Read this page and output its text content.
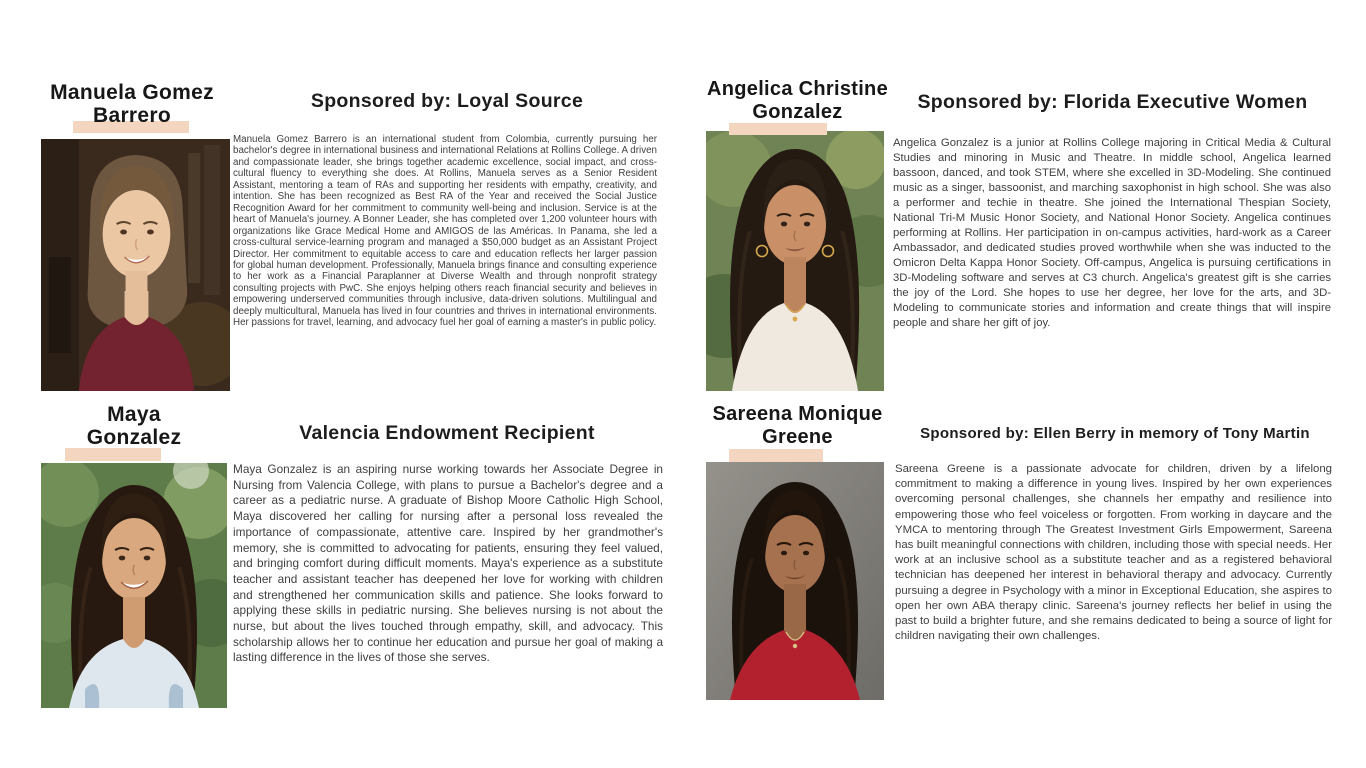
Manuela Gomez
Barrero
Sponsored by: Loyal Source
Manuela Gomez Barrero is an international student from Colombia, currently pursuing her bachelor's degree in international business and international Relations at Rollins College. A driven and compassionate leader, she brings together academic excellence, social impact, and cross-cultural fluency to everything she does. At Rollins, Manuela serves as a Senior Resident Assistant, mentoring a team of RAs and supporting her residents with empathy, creativity, and intention. She has been recognized as Best RA of the Year and received the Social Justice Recognition Award for her commitment to community well-being and inclusion. Service is at the heart of Manuela's journey. A Bonner Leader, she has completed over 1,200 volunteer hours with organizations like Grace Medical Home and AMIGOS de las Américas. In Panama, she led a cross-cultural service-learning program and managed a $50,000 budget as an Assistant Project Director. Her commitment to equitable access to care and education reflects her larger passion for global human development. Professionally, Manuela brings finance and consulting experience to her work as a Financial Paraplanner at Diverse Wealth and through nonprofit strategy consulting projects with PwC. She enjoys helping others reach financial security and believes in empowering underserved communities through inclusive, data-driven solutions. Multilingual and deeply multicultural, Manuela has lived in four countries and thrives in international environments. Her passions for travel, learning, and advocacy fuel her goal of earning a master's in public policy.
Angelica Christine
Gonzalez	Sponsored by: Florida Executive Women
Angelica Gonzalez is a junior at Rollins College majoring in Critical Media & Cultural Studies and minoring in Music and Theatre. In middle school, Angelica learned bassoon, danced, and took STEM, where she excelled in 3D-Modeling. She continued music as a singer, bassoonist, and marching saxophonist in high school. She was also a performer and techie in theatre. She joined the International Thespian Society, National Tri-M Music Honor Society, and National Honor Society. Angelica continues performing at Rollins. Her participation in on-campus activities, hard-work as a Career Ambassador, and dedicated studies proved worthwhile when she was inducted to the Omicron Delta Kappa Honor Society. Off-campus, Angelica is pursuing certifications in 3D-Modeling software and serves at C3 church. Angelica's greatest gift is she carries the joy of the Lord. She hopes to use her degree, her love for the arts, and 3D-Modeling to communicate stories and information and create things that will inspire people and share her gift of joy.
Maya
Gonzalez	Valencia Endowment Recipient
Maya Gonzalez is an aspiring nurse working towards her Associate Degree in Nursing from Valencia College, with plans to pursue a Bachelor's degree and a career as a pediatric nurse. A graduate of Bishop Moore Catholic High School, Maya discovered her calling for nursing after a personal loss revealed the importance of compassionate, attentive care. Inspired by her grandmother's memory, she is committed to advocating for patients, ensuring they feel valued, and bringing comfort during difficult moments. Maya's experience as a substitute teacher and assistant teacher has deepened her love for working with children and strengthened her communication skills and patience. She looks forward to applying these skills in pediatric nursing. She believes nursing is not about the nurse, but about the lives touched through empathy, skill, and advocacy. This scholarship allows her to continue her education and pursue her goal of making a lasting difference in the lives of those she serves.
Sareena Monique
Greene	Sponsored by: Ellen Berry in memory of Tony Martin
Sareena Greene is a passionate advocate for children, driven by a lifelong commitment to making a difference in young lives. Inspired by her own experiences overcoming personal challenges, she channels her empathy and resilience into empowering those who feel voiceless or forgotten. From working in daycare and the YMCA to mentoring through The Greatest Investment Girls Empowerment, Sareena has built meaningful connections with children, including those with special needs. Her work at an inclusive school as a substitute teacher and as a registered behavioral technician has deepened her interest in behavioral therapy and advocacy. Currently pursuing a degree in Psychology with a minor in Exceptional Education, she aspires to open her own ABA therapy clinic. Sareena's journey reflects her belief in using the past to build a brighter future, and she remains dedicated to being a source of light for children navigating their own challenges.
